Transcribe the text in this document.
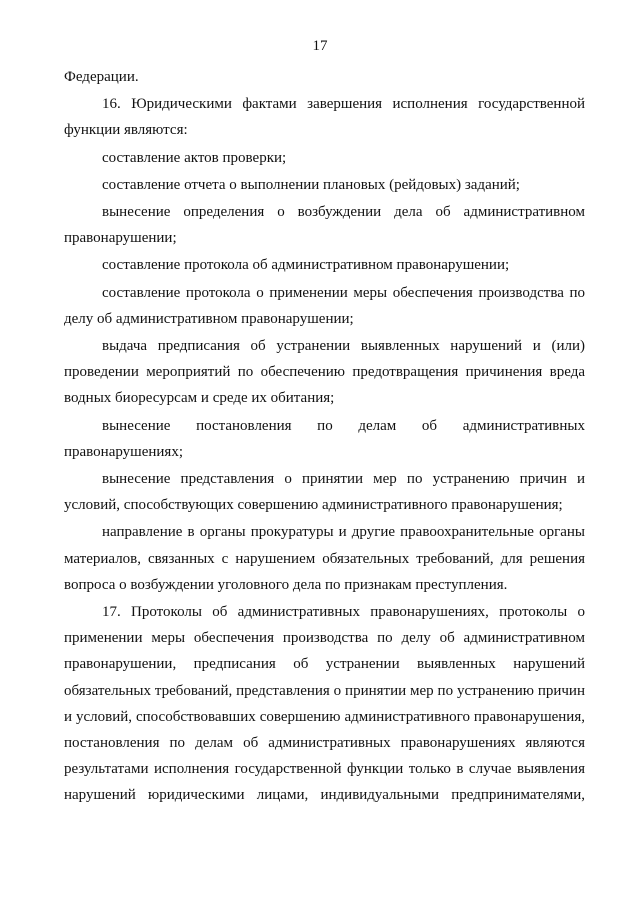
17

Федерации.

16. Юридическими фактами завершения исполнения государственной функции являются:

составление актов проверки;

составление отчета о выполнении плановых (рейдовых) заданий;

вынесение определения о возбуждении дела об административном правонарушении;

составление протокола об административном правонарушении;

составление протокола о применении меры обеспечения производства по делу об административном правонарушении;

выдача предписания об устранении выявленных нарушений и (или) проведении мероприятий по обеспечению предотвращения причинения вреда водных биоресурсам и среде их обитания;

вынесение постановления по делам об административных правонарушениях;

вынесение представления о принятии мер по устранению причин и условий, способствующих совершению административного правонарушения;

направление в органы прокуратуры и другие правоохранительные органы материалов, связанных с нарушением обязательных требований, для решения вопроса о возбуждении уголовного дела по признакам преступления.

17. Протоколы об административных правонарушениях, протоколы о применении меры обеспечения производства по делу об административном правонарушении, предписания об устранении выявленных нарушений обязательных требований, представления о принятии мер по устранению причин и условий, способствовавших совершению административного правонарушения, постановления по делам об административных правонарушениях являются результатами исполнения государственной функции только в случае выявления нарушений юридическими лицами, индивидуальными предпринимателями,
